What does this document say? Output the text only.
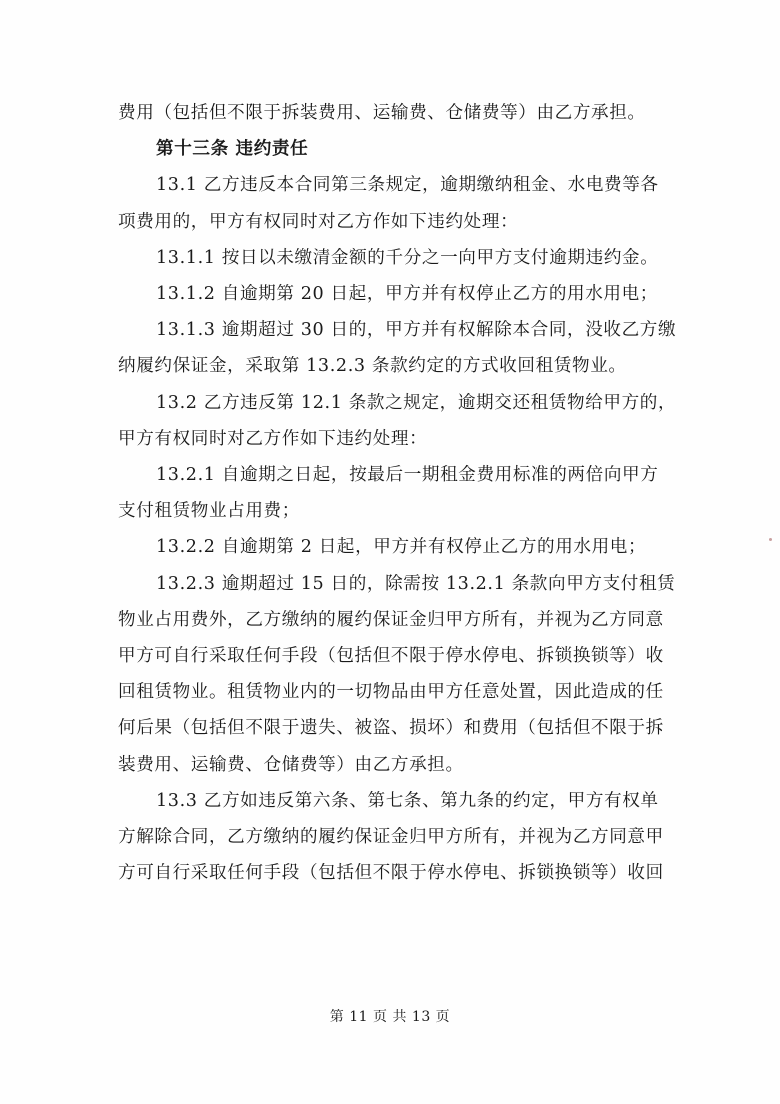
费用（包括但不限于拆装费用、运输费、仓储费等）由乙方承担。

第十三条 违约责任

13.1 乙方违反本合同第三条规定，逾期缴纳租金、水电费等各

项费用的，甲方有权同时对乙方作如下违约处理：

13.1.1 按日以未缴清金额的千分之一向甲方支付逾期违约金。

13.1.2 自逾期第 20 日起，甲方并有权停止乙方的用水用电；

13.1.3 逾期超过 30 日的，甲方并有权解除本合同，没收乙方缴

纳履约保证金，采取第 13.2.3 条款约定的方式收回租赁物业。

13.2 乙方违反第 12.1 条款之规定，逾期交还租赁物给甲方的，

甲方有权同时对乙方作如下违约处理：

13.2.1 自逾期之日起，按最后一期租金费用标准的两倍向甲方

支付租赁物业占用费；

13.2.2 自逾期第 2 日起，甲方并有权停止乙方的用水用电；

13.2.3 逾期超过 15 日的，除需按 13.2.1 条款向甲方支付租赁

物业占用费外，乙方缴纳的履约保证金归甲方所有，并视为乙方同意

甲方可自行采取任何手段（包括但不限于停水停电、拆锁换锁等）收

回租赁物业。租赁物业内的一切物品由甲方任意处置，因此造成的任

何后果（包括但不限于遗失、被盗、损坏）和费用（包括但不限于拆

装费用、运输费、仓储费等）由乙方承担。

13.3 乙方如违反第六条、第七条、第九条的约定，甲方有权单

方解除合同，乙方缴纳的履约保证金归甲方所有，并视为乙方同意甲

方可自行采取任何手段（包括但不限于停水停电、拆锁换锁等）收回

第 11 页 共 13 页
